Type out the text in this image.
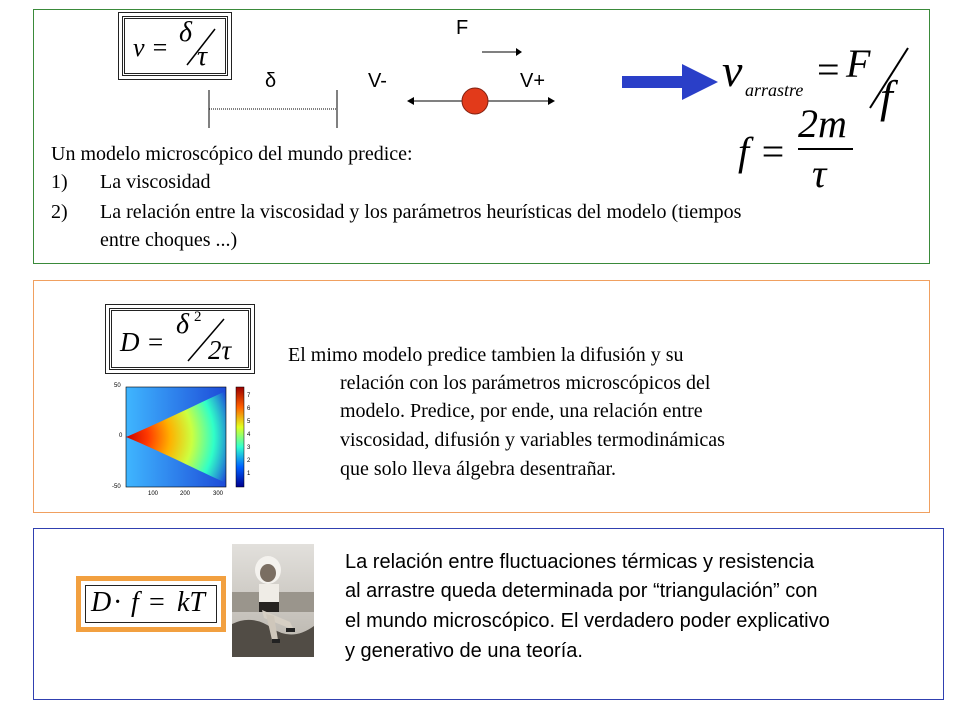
v = δ
τ
F
δ	V-	V+	v arrastre = F
f
f =
2m
τ
Un modelo microscópico del mundo predice:
1) La viscosidad
2) La relación entre la viscosidad y los parámetros heurísticas del modelo (tiempos
entre choques ...)
D =
δ 2
2τ
50
0
-50
100	200	300
7
6
5
4
3
2
1
El mimo modelo predice tambien la difusión y su
relación con los parámetros microscópicos del
modelo. Predice, por ende, una relación entre
viscosidad, difusión y variables termodinámicas
que solo lleva álgebra desentrañar.
D · f = kT
La relación entre fluctuaciones térmicas y resistencia
al arrastre queda determinada por “triangulación” con
el mundo microscópico. El verdadero poder explicativo
y generativo de una teoría.
